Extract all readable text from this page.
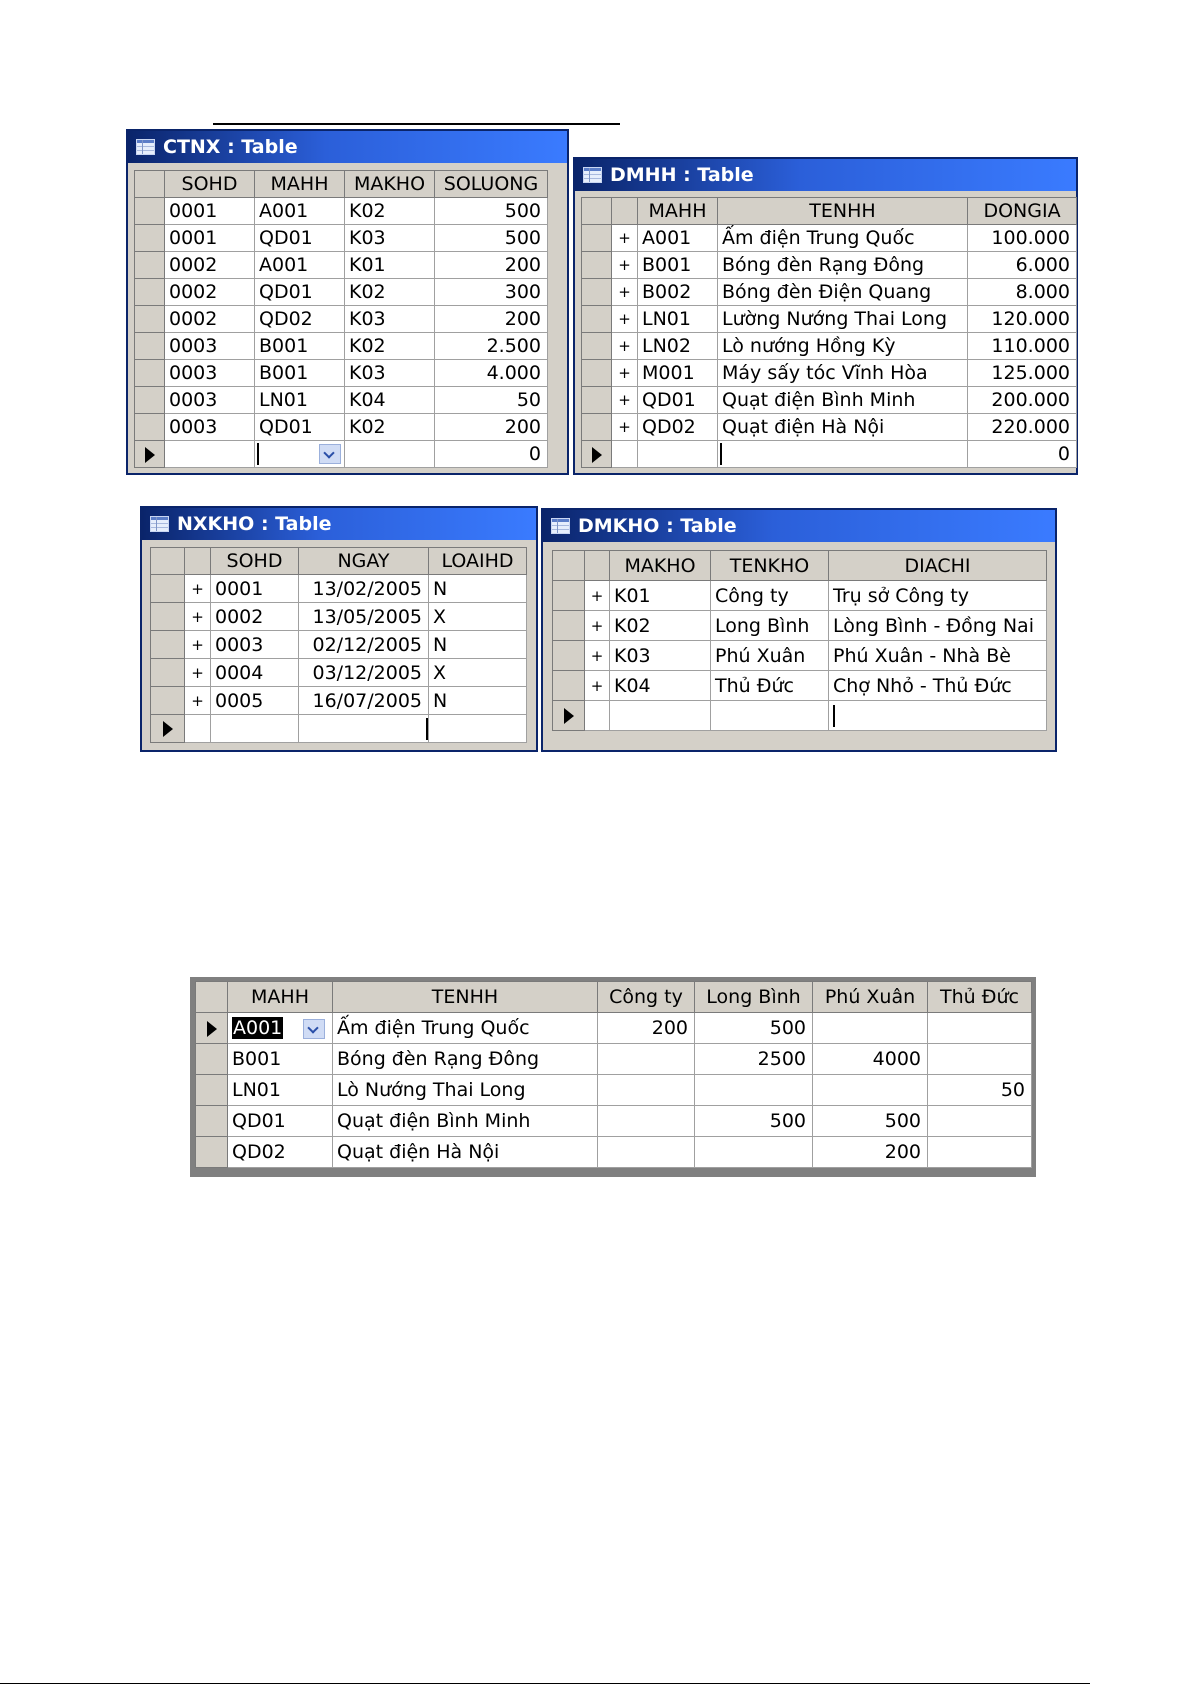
CTNX : Table
	SOHD	MAHH	MAKHO	SOLUONG
	0001	A001	K02	500
	0001	QD01	K03	500
	0002	A001	K01	200
	0002	QD01	K02	300
	0002	QD02	K03	200
	0003	B001	K02	2.500
	0003	B001	K03	4.000
	0003	LN01	K04	50
	0003	QD01	K02	200
				0
DMHH : Table
		MAHH	TENHH	DONGIA
	+	A001	Ấm điện Trung Quốc	100.000
	+	B001	Bóng đèn Rạng Đông	6.000
	+	B002	Bóng đèn Điện Quang	8.000
	+	LN01	Lường Nướng Thai Long	120.000
	+	LN02	Lò nướng Hồng Kỳ	110.000
	+	M001	Máy sấy tóc Vĩnh Hòa	125.000
	+	QD01	Quạt điện Bình Minh	200.000
	+	QD02	Quạt điện Hà Nội	220.000
				0
NXKHO : Table
		SOHD	NGAY	LOAIHD
	+	0001	13/02/2005	N
	+	0002	13/05/2005	X
	+	0003	02/12/2005	N
	+	0004	03/12/2005	X
	+	0005	16/07/2005	N

DMKHO : Table
		MAKHO	TENKHO	DIACHI
	+	K01	Công ty	Trụ sở Công ty
	+	K02	Long Bình	Lòng Bình - Đồng Nai
	+	K03	Phú Xuân	Phú Xuân - Nhà Bè
	+	K04	Thủ Đức	Chợ Nhỏ - Thủ Đức

	MAHH	TENHH	Công ty	Long Bình	Phú Xuân	Thủ Đức
	A001	Ấm điện Trung Quốc	200	500		
	B001	Bóng đèn Rạng Đông		2500	4000	
	LN01	Lò Nướng Thai Long				50
	QD01	Quạt điện Bình Minh		500	500	
	QD02	Quạt điện Hà Nội			200	
